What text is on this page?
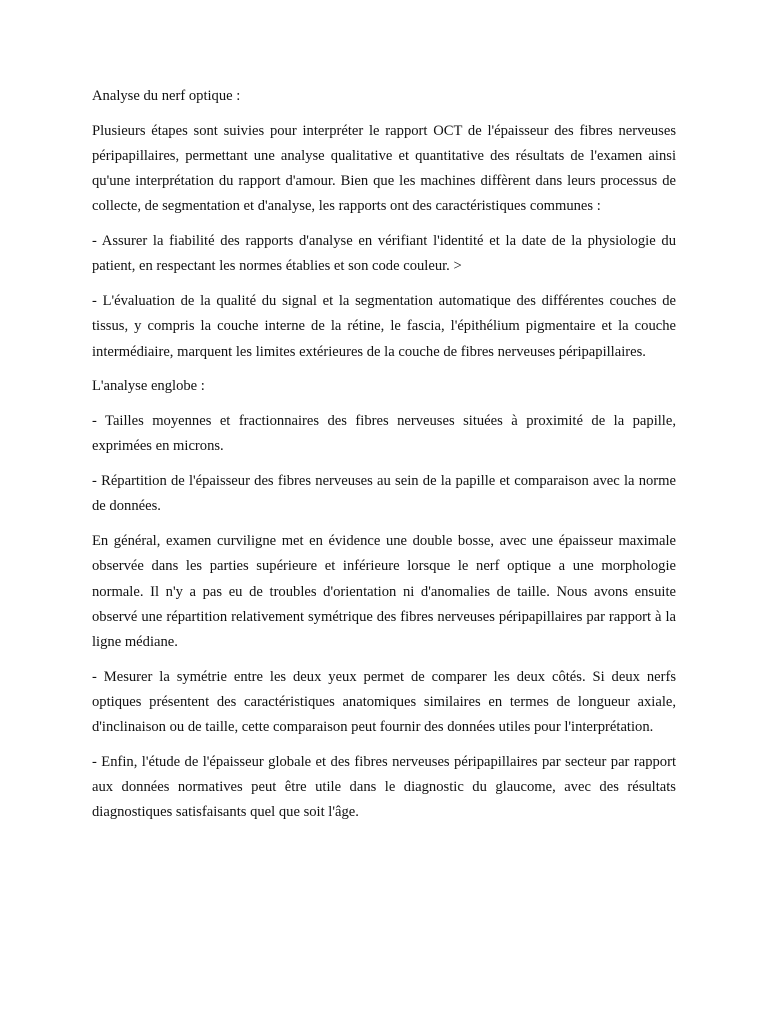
Analyse du nerf optique :

Plusieurs étapes sont suivies pour interpréter le rapport OCT de l'épaisseur des fibres nerveuses péripapillaires, permettant une analyse qualitative et quantitative des résultats de l'examen ainsi qu'une interprétation du rapport d'amour. Bien que les machines diffèrent dans leurs processus de collecte, de segmentation et d'analyse, les rapports ont des caractéristiques communes :

- Assurer la fiabilité des rapports d'analyse en vérifiant l'identité et la date de la physiologie du patient, en respectant les normes établies et son code couleur. >

- L'évaluation de la qualité du signal et la segmentation automatique des différentes couches de tissus, y compris la couche interne de la rétine, le fascia, l'épithélium pigmentaire et la couche intermédiaire, marquent les limites extérieures de la couche de fibres nerveuses péripapillaires.

L'analyse englobe :

- Tailles moyennes et fractionnaires des fibres nerveuses situées à proximité de la papille, exprimées en microns.

- Répartition de l'épaisseur des fibres nerveuses au sein de la papille et comparaison avec la norme de données.

En général, examen curviligne met en évidence une double bosse, avec une épaisseur maximale observée dans les parties supérieure et inférieure lorsque le nerf optique a une morphologie normale. Il n'y a pas eu de troubles d'orientation ni d'anomalies de taille. Nous avons ensuite observé une répartition relativement symétrique des fibres nerveuses péripapillaires par rapport à la ligne médiane.

- Mesurer la symétrie entre les deux yeux permet de comparer les deux côtés. Si deux nerfs optiques présentent des caractéristiques anatomiques similaires en termes de longueur axiale, d'inclinaison ou de taille, cette comparaison peut fournir des données utiles pour l'interprétation.

- Enfin, l'étude de l'épaisseur globale et des fibres nerveuses péripapillaires par secteur par rapport aux données normatives peut être utile dans le diagnostic du glaucome, avec des résultats diagnostiques satisfaisants quel que soit l'âge.
